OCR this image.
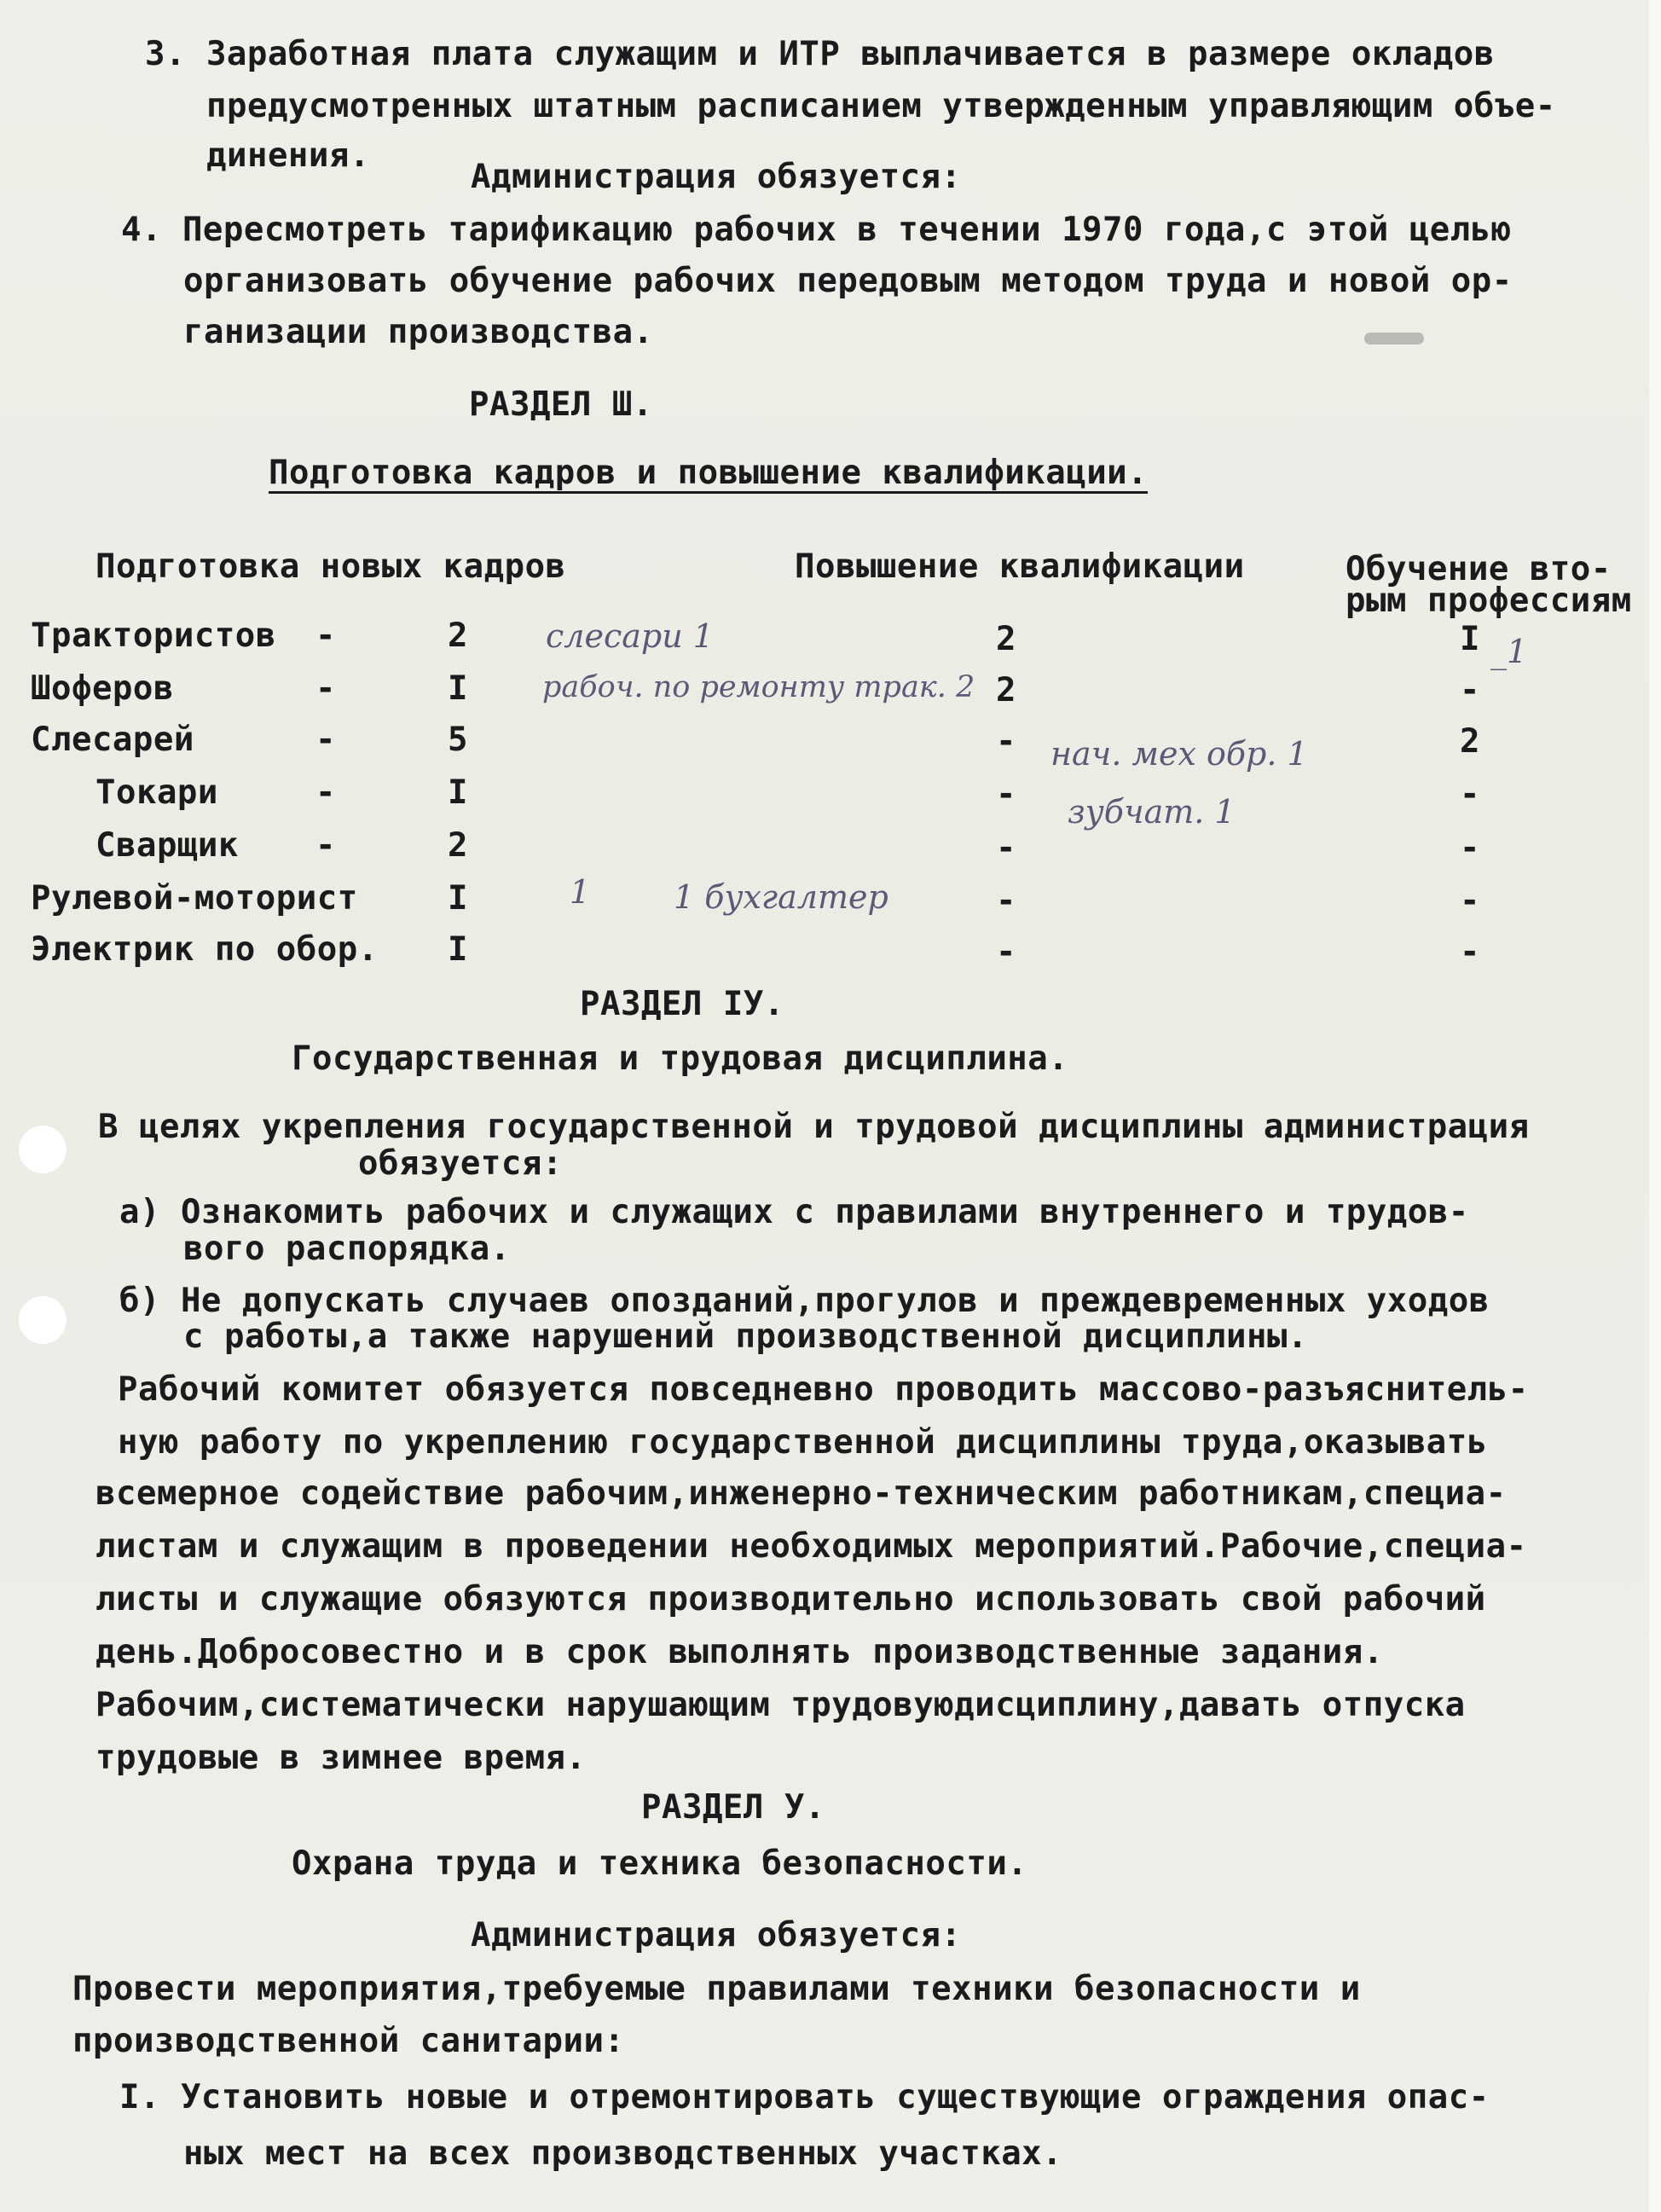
3. Заработная плата служащим и ИТР выплачивается в размере окладов
предусмотренных штатным расписанием утвержденным управляющим объе-
динения.
Администрация обязуется:
4. Пересмотреть тарификацию рабочих в течении 1970 года,с этой целью
организовать обучение рабочих передовым методом труда и новой ор-
ганизации производства.
РАЗДЕЛ Ш.
Подготовка кадров и повышение квалификации.
Подготовка новых кадров	Повышение квалификации	Обучение вто-
рым профессиям
Трактористов -	2	2	I
Шоферов	-	I	2	-
Слесарей	-	5	-	2
Токари	-	I	-	-
Сварщик -	2	-	-
Рулевой-моторист	I	-	-
Электрик по обор. I	-	-
слесари 1
рабоч. по ремонту трак. 2
нач. мех обр. 1
зубчат. 1
1	1 бухгалтер
_1
РАЗДЕЛ IУ.
Государственная и трудовая дисциплина.
В целях укрепления государственной и трудовой дисциплины администрация
обязуется:
а) Ознакомить рабочих и служащих с правилами внутреннего и трудов-
вого распорядка.
б) Не допускать случаев опозданий,прогулов и преждевременных уходов
с работы,а также нарушений производственной дисциплины.
Рабочий комитет обязуется повседневно проводить массово-разъяснитель-
ную работу по укреплению государственной дисциплины труда,оказывать
всемерное содействие рабочим,инженерно-техническим работникам,специа-
листам и служащим в проведении необходимых мероприятий.Рабочие,специа-
листы и служащие обязуются производительно использовать свой рабочий
день.Добросовестно и в срок выполнять производственные задания.
Рабочим,систематически нарушающим трудовуюдисциплину,давать отпуска
трудовые в зимнее время.
РАЗДЕЛ У.
Охрана труда и техника безопасности.
Администрация обязуется:
Провести мероприятия,требуемые правилами техники безопасности и
производственной санитарии:
I. Установить новые и отремонтировать существующие ограждения опас-
ных мест на всех производственных участках.
